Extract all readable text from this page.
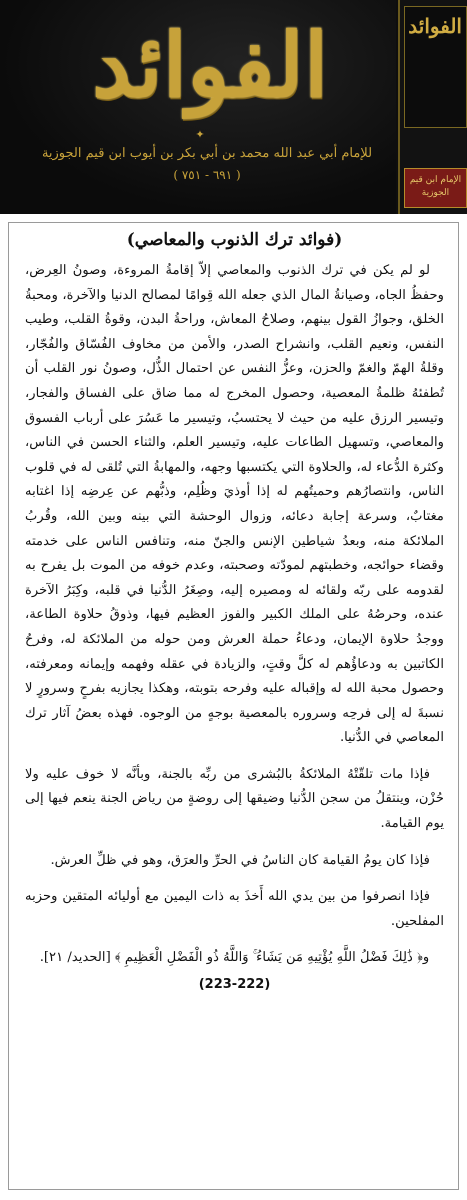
الفوائد
✦
للإمام أبي عبد الله محمد بن أبي بكر بن أيوب ابن قيم الجوزية
( ٦٩١ - ٧٥١ )
الفوائد
الإمام ابن قيم الجوزية
(فوائد ترك الذنوب والمعاصي)

لو لم يكن في ترك الذنوب والمعاصي إلاّ إقامةُ المروءة، وصونُ العِرض، وحفظُ الجاه، وصيانةُ المال الذي جعله الله قِوامًا لمصالح الدنيا والآخرة، ومحبةُ الخلق، وجوازُ القول بينهم، وصلاحُ المعاش، وراحةُ البدن، وقوةُ القلب، وطيب النفس، ونعيم القلب، وانشراح الصدر، والأمن من مخاوف الفُسّاق والفُجّار، وقلةُ الهمّ والغمّ والحزن، وعزُّ النفس عن احتمال الذُّل، وصونُ نور القلب أن تُطفئهُ ظلمةُ المعصية، وحصول المخرج له مما ضاق على الفساق والفجار، وتيسير الرزق عليه من حيث لا يحتسبُ، وتيسير ما عَسُرَ على أرباب الفسوق والمعاصي، وتسهيل الطاعات عليه، وتيسير العلم، والثناء الحسن في الناس، وكثرة الدُّعاء له، والحلاوة التي يكتسبها وجهه، والمهابةُ التي تُلقى له في قلوب الناس، وانتصارُهم وحميتُهم له إذا أوذيَ وظُلِم، وذبُّهم عن عِرضِه إذا اغتابه مغتابٌ، وسرعة إجابة دعائه، وزوال الوحشة التي بينه وبين الله، وقُربُ الملائكة منه، وبعدُ شياطين الإنس والجنّ منه، وتنافس الناس على خدمته وقضاء حوائجه، وخطبتهم لمودّته وصحبته، وعدم خوفه من الموت بل يفرح به لقدومه على ربّه ولقائه له ومصيره إليه، وصِغَرُ الدُّنيا في قلبه، وكِبَرُ الآخرة عنده، وحرصُهُ على الملك الكبير والفوز العظيم فيها، وذوقُ حلاوة الطاعة، ووجدُ حلاوة الإيمان، ودعاءُ حملة العرش ومن حوله من الملائكة له، وفرحُ الكاتبين به ودعاؤُهم له كلَّ وقتٍ، والزيادة في عقله وفهمه وإيمانه ومعرفته، وحصول محبة الله له وإقباله عليه وفرحه بتوبته، وهكذا يجازيه بفرحٍ وسرورٍ لا نسبةَ له إلى فرحِه وسروره بالمعصية بوجهٍ من الوجوه. فهذه بعضُ آثار ترك المعاصي في الدُّنيا.

فإذا مات تلقّتْهُ الملائكةُ بالبُشرى من ربِّه بالجنة، وبأنَّه لا خوف عليه ولا حُزْن، وينتقلُ من سجن الدُّنيا وضيقها إلى روضةٍ من رياض الجنة ينعم فيها إلى يوم القيامة.

فإذا كان يومُ القيامة كان الناسُ في الحرِّ والعرَق، وهو في ظلِّ العرش.

فإذا انصرفوا من بين يدي الله أَخذَ به ذات اليمين مع أوليائه المتقين وحزبه المفلحين.

و﴿ ذَٰلِكَ فَضْلُ اللَّهِ يُؤْتِيهِ مَن يَشَاءُ ۚ وَاللَّهُ ذُو الْفَضْلِ الْعَظِيمِ ﴾ [الحديد/ ٢١].
(223-222)
